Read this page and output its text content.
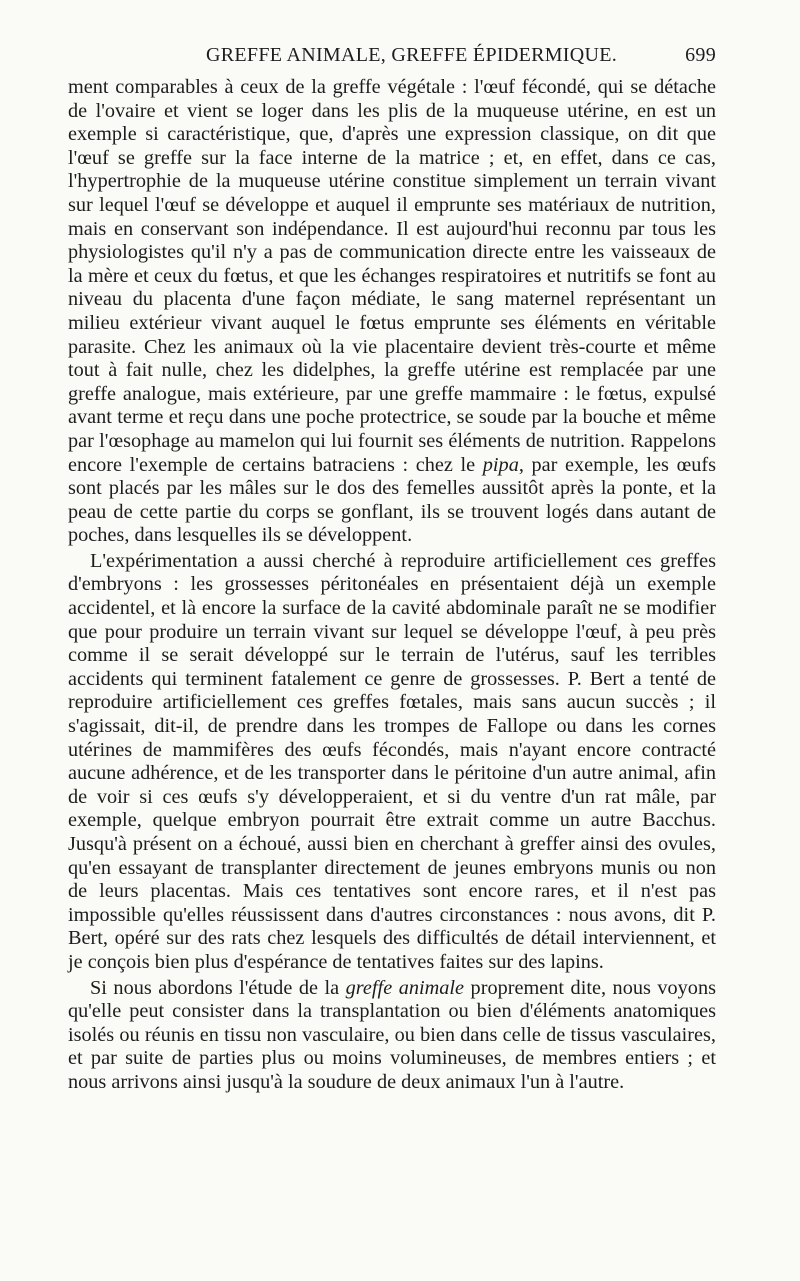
GREFFE ANIMALE, GREFFE ÉPIDERMIQUE.	699

ment comparables à ceux de la greffe végétale : l'œuf fécondé, qui se détache de l'ovaire et vient se loger dans les plis de la muqueuse utérine, en est un exemple si caractéristique, que, d'après une expression classique, on dit que l'œuf se greffe sur la face interne de la matrice ; et, en effet, dans ce cas, l'hypertrophie de la muqueuse utérine constitue simplement un terrain vivant sur lequel l'œuf se développe et auquel il emprunte ses matériaux de nutrition, mais en conservant son indépendance. Il est aujourd'hui reconnu par tous les physiologistes qu'il n'y a pas de communication directe entre les vaisseaux de la mère et ceux du fœtus, et que les échanges respiratoires et nutritifs se font au niveau du placenta d'une façon médiate, le sang maternel représentant un milieu extérieur vivant auquel le fœtus emprunte ses éléments en véritable parasite. Chez les animaux où la vie placentaire devient très-courte et même tout à fait nulle, chez les didelphes, la greffe utérine est remplacée par une greffe analogue, mais extérieure, par une greffe mammaire : le fœtus, expulsé avant terme et reçu dans une poche protectrice, se soude par la bouche et même par l'œsophage au mamelon qui lui fournit ses éléments de nutrition. Rappelons encore l'exemple de certains batraciens : chez le pipa, par exemple, les œufs sont placés par les mâles sur le dos des femelles aussitôt après la ponte, et la peau de cette partie du corps se gonflant, ils se trouvent logés dans autant de poches, dans lesquelles ils se développent.

L'expérimentation a aussi cherché à reproduire artificiellement ces greffes d'embryons : les grossesses péritonéales en présentaient déjà un exemple accidentel, et là encore la surface de la cavité abdominale paraît ne se modifier que pour produire un terrain vivant sur lequel se développe l'œuf, à peu près comme il se serait développé sur le terrain de l'utérus, sauf les terribles accidents qui terminent fatalement ce genre de grossesses. P. Bert a tenté de reproduire artificiellement ces greffes fœtales, mais sans aucun succès ; il s'agissait, dit-il, de prendre dans les trompes de Fallope ou dans les cornes utérines de mammifères des œufs fécondés, mais n'ayant encore contracté aucune adhérence, et de les transporter dans le péritoine d'un autre animal, afin de voir si ces œufs s'y développeraient, et si du ventre d'un rat mâle, par exemple, quelque embryon pourrait être extrait comme un autre Bacchus. Jusqu'à présent on a échoué, aussi bien en cherchant à greffer ainsi des ovules, qu'en essayant de transplanter directement de jeunes embryons munis ou non de leurs placentas. Mais ces tentatives sont encore rares, et il n'est pas impossible qu'elles réussissent dans d'autres circonstances : nous avons, dit P. Bert, opéré sur des rats chez lesquels des difficultés de détail interviennent, et je conçois bien plus d'espérance de tentatives faites sur des lapins.

Si nous abordons l'étude de la greffe animale proprement dite, nous voyons qu'elle peut consister dans la transplantation ou bien d'éléments anatomiques isolés ou réunis en tissu non vasculaire, ou bien dans celle de tissus vasculaires, et par suite de parties plus ou moins volumineuses, de membres entiers ; et nous arrivons ainsi jusqu'à la soudure de deux animaux l'un à l'autre.
